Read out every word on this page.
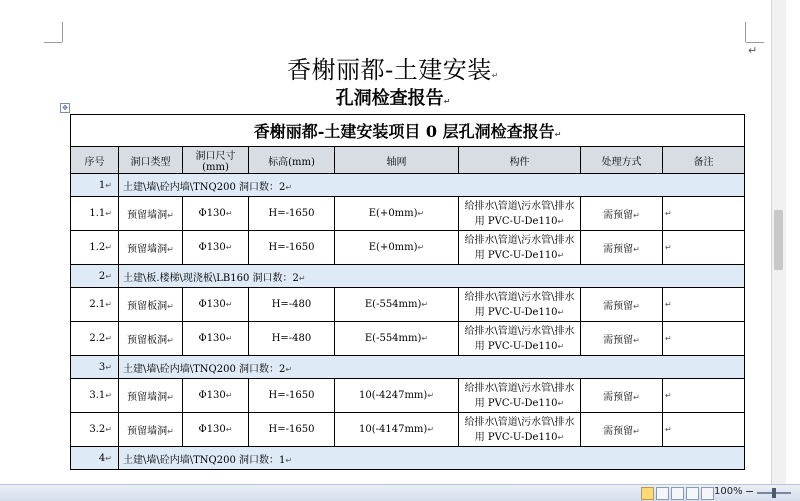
↵
香榭丽都-土建安装↵
孔洞检查报告↵
✥
香榭丽都-土建安装项目 0 层孔洞检查报告↵							
序号	洞口类型	洞口尺寸(mm)	标高(mm)	轴网	构件	处理方式	备注
1↵	土建\墙\砼内墙\TNQ200 洞口数：2↵						
1.1↵	预留墙洞↵	Φ130↵	H=-1650	E(+0mm)↵	给排水\管道\污水管\排水
用 PVC-U-De110↵	需预留↵	↵
1.2↵	预留墙洞↵	Φ130↵	H=-1650	E(+0mm)↵	给排水\管道\污水管\排水
用 PVC-U-De110↵	需预留↵	↵
2↵	土建\板.楼梯\现浇板\LB160 洞口数：2↵						
2.1↵	预留板洞↵	Φ130↵	H=-480	E(-554mm)↵	给排水\管道\污水管\排水
用 PVC-U-De110↵	需预留↵	↵
2.2↵	预留板洞↵	Φ130↵	H=-480	E(-554mm)↵	给排水\管道\污水管\排水
用 PVC-U-De110↵	需预留↵	↵
3↵	土建\墙\砼内墙\TNQ200 洞口数：2↵						
3.1↵	预留墙洞↵	Φ130↵	H=-1650	10(-4247mm)↵	给排水\管道\污水管\排水
用 PVC-U-De110↵	需预留↵	↵
3.2↵	预留墙洞↵	Φ130↵	H=-1650	10(-4147mm)↵	给排水\管道\污水管\排水
用 PVC-U-De110↵	需预留↵	↵
4↵	土建\墙\砼内墙\TNQ200 洞口数：1↵						
100% −
